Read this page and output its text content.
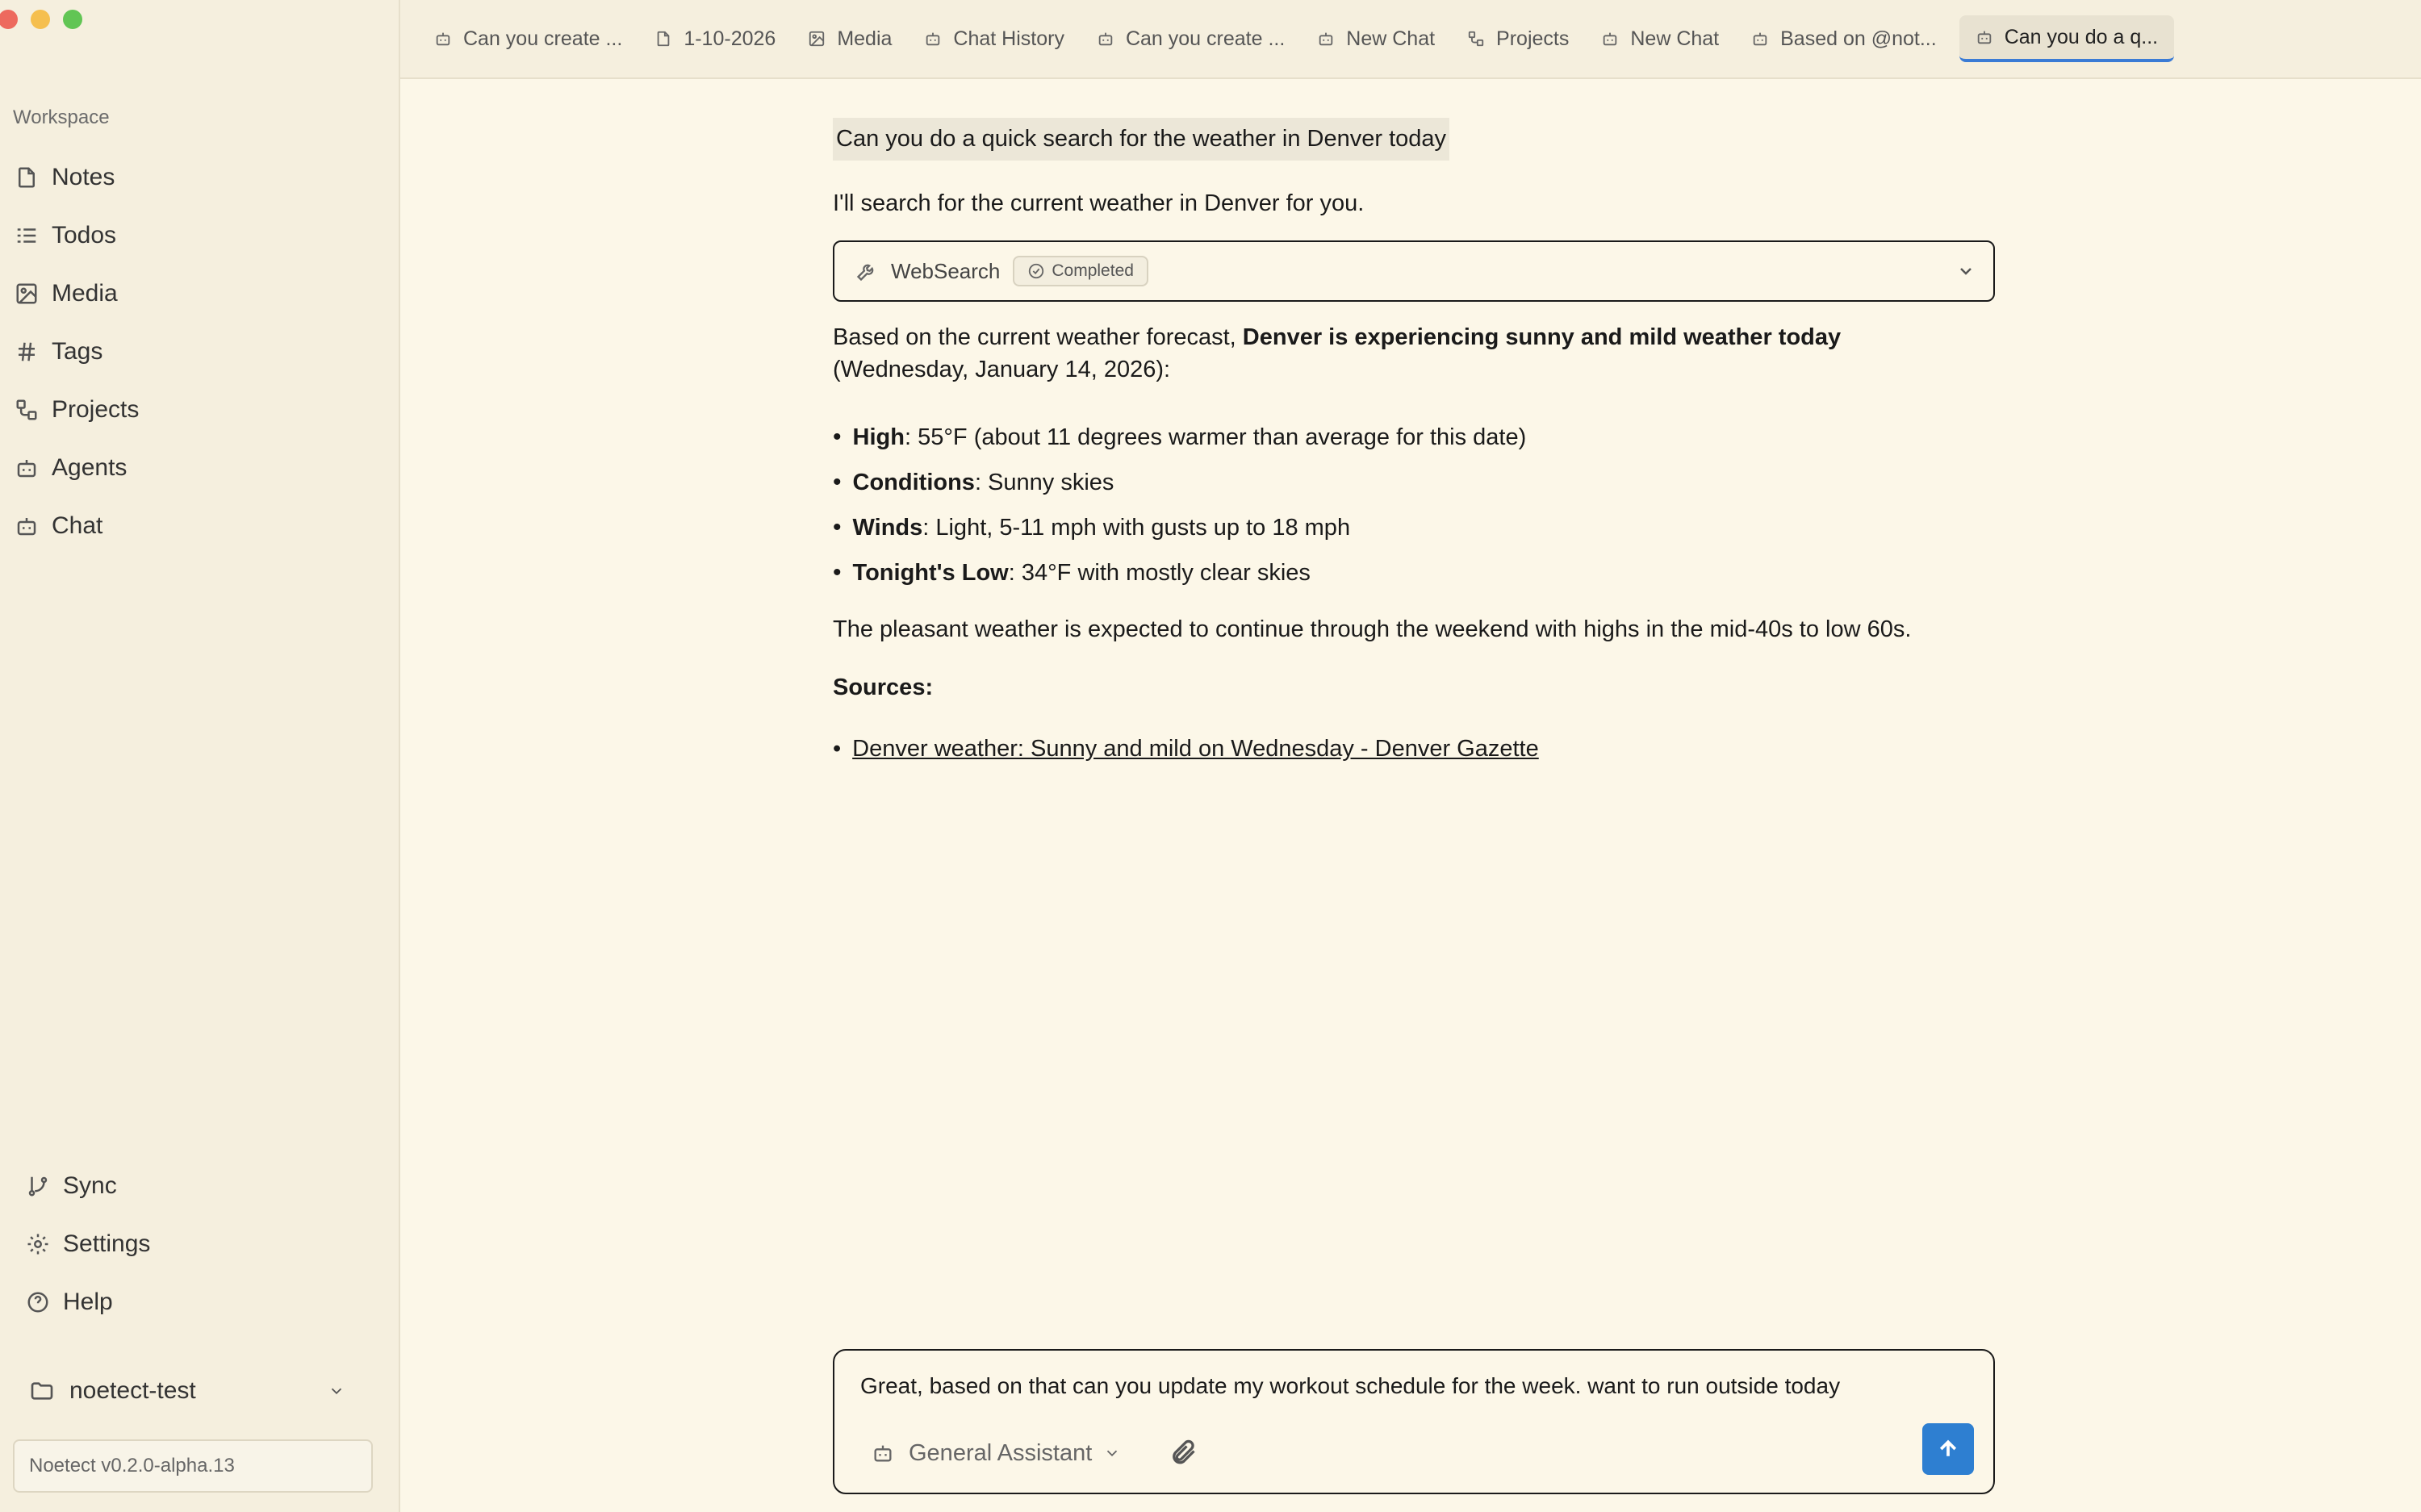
Workspace
Notes
Todos
Media
Tags
Projects
Agents
Chat
Sync
Settings
Help
noetect-test
Noetect v0.2.0-alpha.13
Can you create ...	1-10-2026	Media	Chat History	Can you create ...	New Chat	Projects	New Chat	Based on @not...	Can you do a q...
Can you do a quick search for the weather in Denver today
I'll search for the current weather in Denver for you.
WebSearch	Completed
Based on the current weather forecast, Denver is experiencing sunny and mild weather today
(Wednesday, January 14, 2026):
• High: 55°F (about 11 degrees warmer than average for this date)
• Conditions: Sunny skies
• Winds: Light, 5-11 mph with gusts up to 18 mph
• Tonight's Low: 34°F with mostly clear skies
The pleasant weather is expected to continue through the weekend with highs in the mid-40s to low 60s.
Sources:
• Denver weather: Sunny and mild on Wednesday - Denver Gazette
Great, based on that can you update my workout schedule for the week. want to run outside today
General Assistant
